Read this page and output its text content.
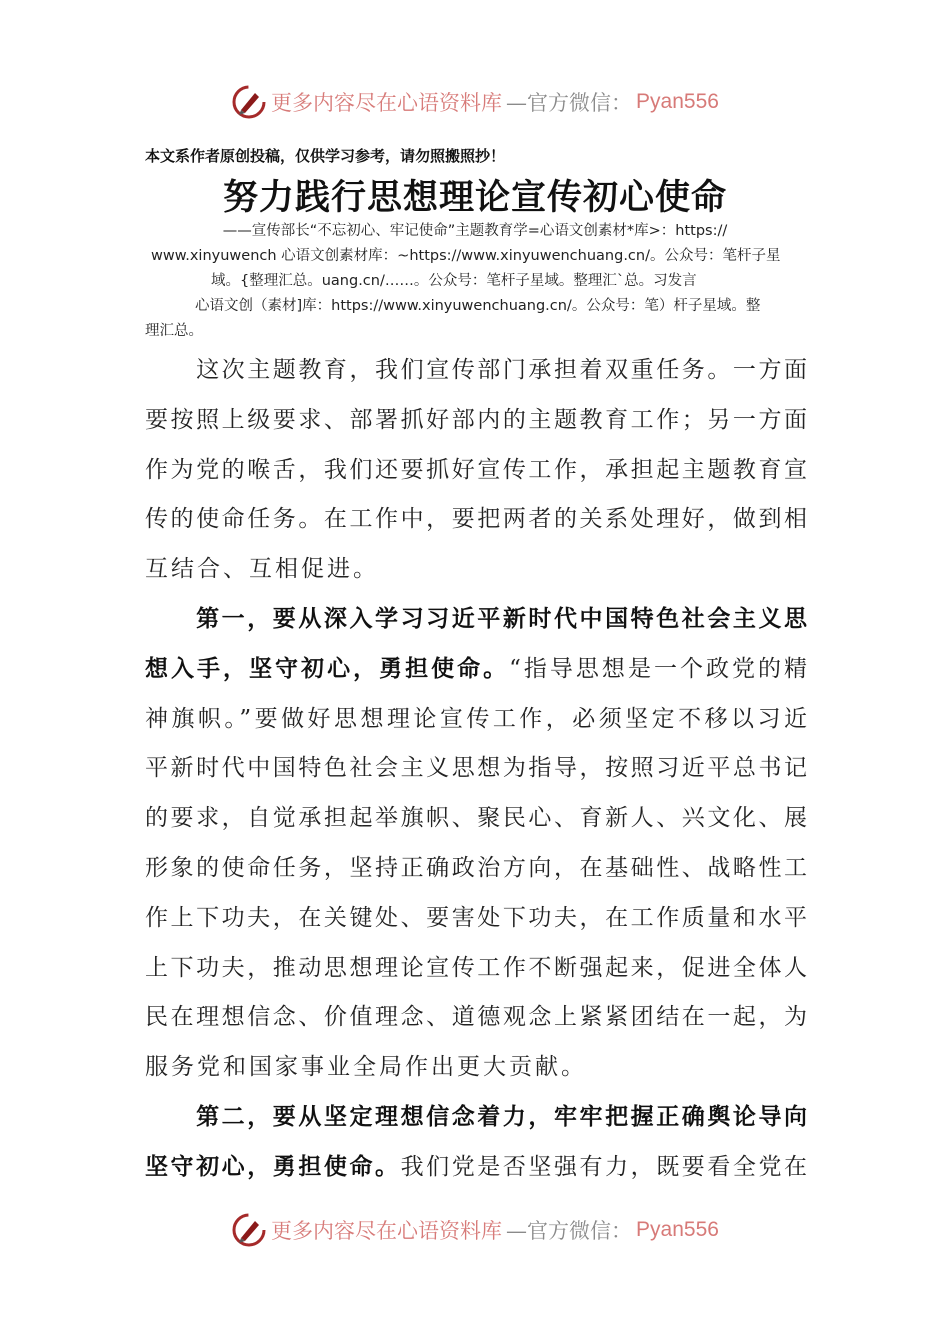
更多内容尽在心语资料库 —官方微信： Pyan556
本文系作者原创投稿，仅供学习参考，请勿照搬照抄！
努力践行思想理论宣传初心使命
——宣传部长“不忘初心、牢记使命”主题教育学=心语文创素材*库>：https://
www.xinyuwench 心语文创素材库：~https://www.xinyuwenchuang.cn/。公众号：笔杆子星
域。{整理汇总。uang.cn/……。公众号：笔杆子星域。整理汇`总。习发言
心语文创（素材]库：https://www.xinyuwenchuang.cn/。公众号：笔）杆子星域。整
理汇总。
　　这次主题教育，我们宣传部门承担着双重任务。一方面
要按照上级要求、部署抓好部内的主题教育工作；另一方面
作为党的喉舌，我们还要抓好宣传工作，承担起主题教育宣
传的使命任务。在工作中，要把两者的关系处理好，做到相
互结合、互相促进。
　　第一，要从深入学习习近平新时代中国特色社会主义思
想入手，坚守初心，勇担使命。“指导思想是一个政党的精
神旗帜。”要做好思想理论宣传工作，必须坚定不移以习近
平新时代中国特色社会主义思想为指导，按照习近平总书记
的要求，自觉承担起举旗帜、聚民心、育新人、兴文化、展
形象的使命任务，坚持正确政治方向，在基础性、战略性工
作上下功夫，在关键处、要害处下功夫，在工作质量和水平
上下功夫，推动思想理论宣传工作不断强起来，促进全体人
民在理想信念、价值理念、道德观念上紧紧团结在一起，为
服务党和国家事业全局作出更大贡献。
　　第二，要从坚定理想信念着力，牢牢把握正确舆论导向
坚守初心，勇担使命。我们党是否坚强有力，既要看全党在
更多内容尽在心语资料库 —官方微信： Pyan556
